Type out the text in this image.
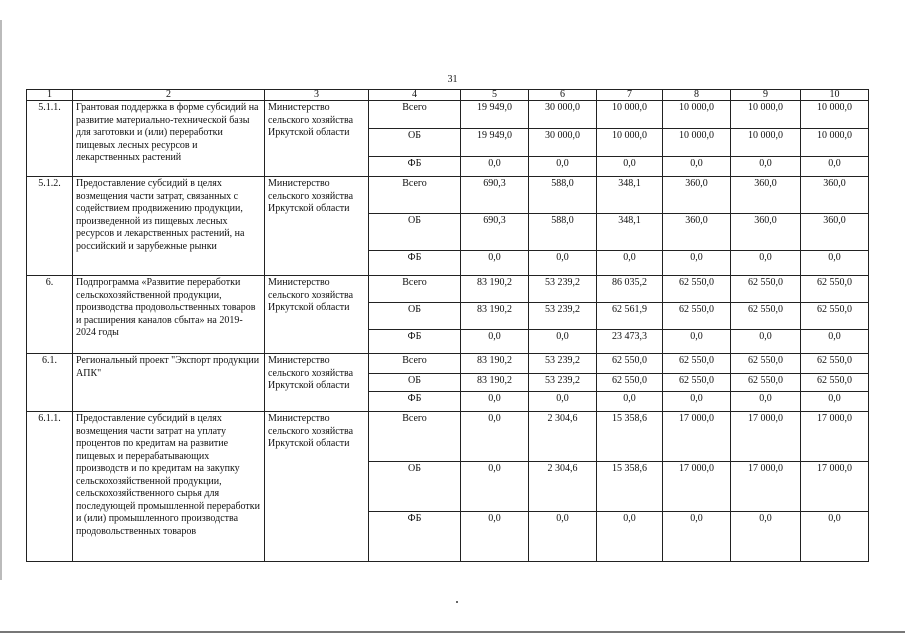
31
1	2	3	4	5	6	7	8	9	10
5.1.1.	Грантовая поддержка в форме субсидий на развитие материально-технической базы для заготовки и (или) переработки пищевых лесных ресурсов и лекарственных растений	Министерство сельского хозяйства Иркутской области	Всего	19 949,0	30 000,0	10 000,0	10 000,0	10 000,0	10 000,0
			ОБ	19 949,0	30 000,0	10 000,0	10 000,0	10 000,0	10 000,0
			ФБ	0,0	0,0	0,0	0,0	0,0	0,0
5.1.2.	Предоставление субсидий в целях возмещения части затрат, связанных с содействием продвижению продукции, произведенной из пищевых лесных ресурсов и лекарственных растений, на российский и зарубежные рынки	Министерство сельского хозяйства Иркутской области	Всего	690,3	588,0	348,1	360,0	360,0	360,0
			ОБ	690,3	588,0	348,1	360,0	360,0	360,0
			ФБ	0,0	0,0	0,0	0,0	0,0	0,0
6.	Подпрограмма «Развитие переработки сельскохозяйственной продукции, производства продовольственных товаров и расширения каналов сбыта» на 2019-2024 годы	Министерство сельского хозяйства Иркутской области	Всего	83 190,2	53 239,2	86 035,2	62 550,0	62 550,0	62 550,0
			ОБ	83 190,2	53 239,2	62 561,9	62 550,0	62 550,0	62 550,0
			ФБ	0,0	0,0	23 473,3	0,0	0,0	0,0
6.1.	Региональный проект "Экспорт продукции АПК"	Министерство сельского хозяйства Иркутской области	Всего	83 190,2	53 239,2	62 550,0	62 550,0	62 550,0	62 550,0
			ОБ	83 190,2	53 239,2	62 550,0	62 550,0	62 550,0	62 550,0
			ФБ	0,0	0,0	0,0	0,0	0,0	0,0
6.1.1.	Предоставление субсидий в целях возмещения части затрат на уплату процентов по кредитам на развитие пищевых и перерабатывающих производств и по кредитам на закупку сельскохозяйственной продукции, сельскохозяйственного сырья для последующей промышленной переработки и (или) промышленного производства продовольственных товаров	Министерство сельского хозяйства Иркутской области	Всего	0,0	2 304,6	15 358,6	17 000,0	17 000,0	17 000,0
			ОБ	0,0	2 304,6	15 358,6	17 000,0	17 000,0	17 000,0
			ФБ	0,0	0,0	0,0	0,0	0,0	0,0
